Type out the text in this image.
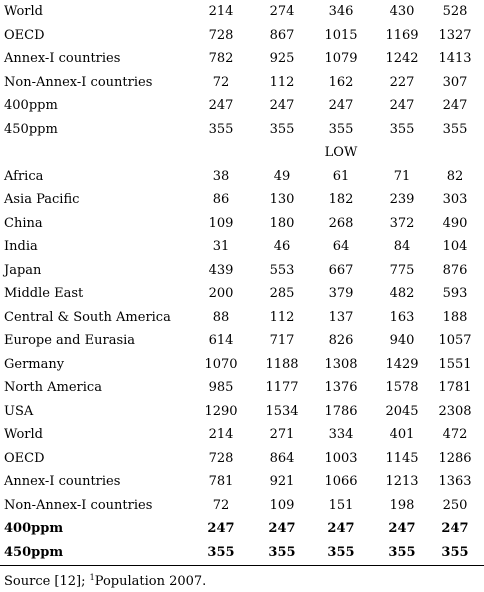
World	214	274	346	430	528
OECD	728	867	1015	1169	1327
Annex-I countries	782	925	1079	1242	1413
Non-Annex-I countries	72	112	162	227	307
400ppm	247	247	247	247	247
450ppm	355	355	355	355	355
LOW
Africa	38	49	61	71	82
Asia Pacific	86	130	182	239	303
China	109	180	268	372	490
India	31	46	64	84	104
Japan	439	553	667	775	876
Middle East	200	285	379	482	593
Central & South America	88	112	137	163	188
Europe and Eurasia	614	717	826	940	1057
Germany	1070	1188	1308	1429	1551
North America	985	1177	1376	1578	1781
USA	1290	1534	1786	2045	2308
World	214	271	334	401	472
OECD	728	864	1003	1145	1286
Annex-I countries	781	921	1066	1213	1363
Non-Annex-I countries	72	109	151	198	250
400ppm	247	247	247	247	247
450ppm	355	355	355	355	355
Source [12]; $^1$Population 2007.
